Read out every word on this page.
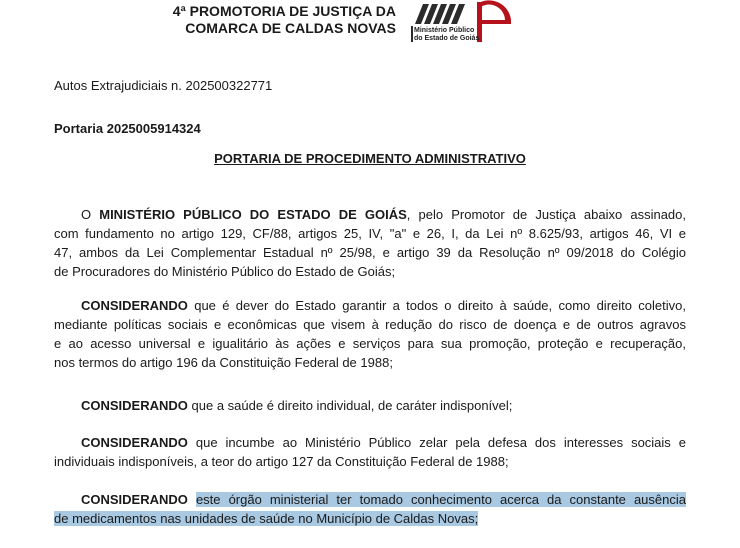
4ª PROMOTORIA DE JUSTIÇA DA
COMARCA DE CALDAS NOVAS	Ministério Público
do Estado de Goiás
Autos Extrajudiciais n. 202500322771
Portaria 2025005914324
PORTARIA DE PROCEDIMENTO ADMINISTRATIVO
O MINISTÉRIO PÚBLICO DO ESTADO DE GOIÁS, pelo Promotor de Justiça abaixo assinado,
com fundamento no artigo 129, CF/88, artigos 25, IV, "a" e 26, I, da Lei nº 8.625/93, artigos 46, VI e
47, ambos da Lei Complementar Estadual nº 25/98, e artigo 39 da Resolução nº 09/2018 do Colégio
de Procuradores do Ministério Público do Estado de Goiás;
CONSIDERANDO que é dever do Estado garantir a todos o direito à saúde, como direito coletivo,
mediante políticas sociais e econômicas que visem à redução do risco de doença e de outros agravos
e ao acesso universal e igualitário às ações e serviços para sua promoção, proteção e recuperação,
nos termos do artigo 196 da Constituição Federal de 1988;
CONSIDERANDO que a saúde é direito individual, de caráter indisponível;
CONSIDERANDO que incumbe ao Ministério Público zelar pela defesa dos interesses sociais e
individuais indisponíveis, a teor do artigo 127 da Constituição Federal de 1988;
CONSIDERANDO este órgão ministerial ter tomado conhecimento acerca da constante ausência
de medicamentos nas unidades de saúde no Município de Caldas Novas;
